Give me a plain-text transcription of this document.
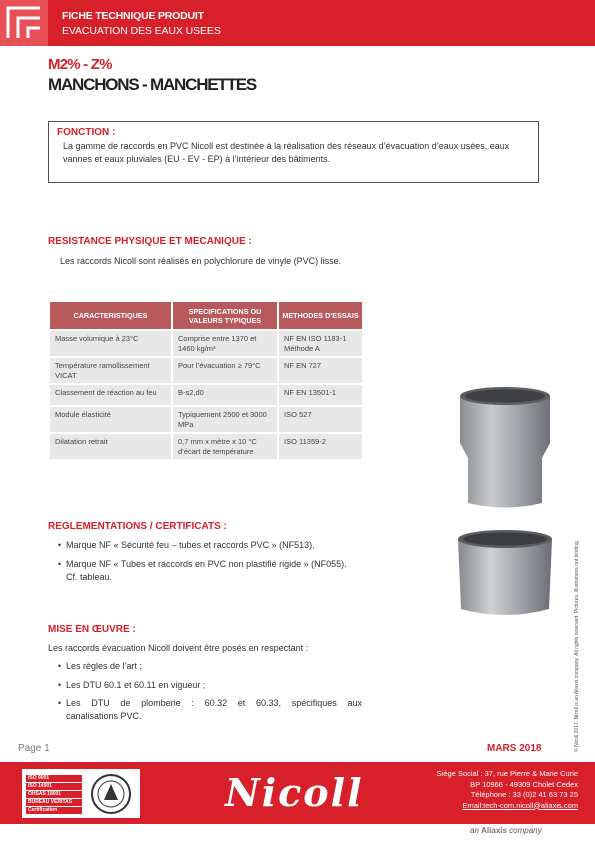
FICHE TECHNIQUE PRODUIT
EVACUATION DES EAUX USEES
M2% - Z%
MANCHONS - MANCHETTES
FONCTION :
La gamme de raccords en PVC Nicoll est destinée à la réalisation des réseaux d’évacuation d’eaux usées, eaux vannes et eaux pluviales (EU - EV - EP) à l’intérieur des bâtiments.
RESISTANCE PHYSIQUE ET MECANIQUE :
Les raccords Nicoll sont réalisés en polychlorure de vinyle (PVC) lisse.
CARACTERISTIQUES	SPECIFICATIONS OU VALEURS TYPIQUES	METHODES D’ESSAIS
Masse volumique à 23°C	Comprise entre 1370 et 1460 kg/m³	NF EN ISO 1183-1 Méthode A
Température ramollissement VICAT	Pour l’évacuation ≥ 79°C	NF EN 727
Classement de réaction au feu	B-s2,d0	NF EN 13501-1
Module élasticité	Typiquement 2500 et 3000 MPa	ISO 527
Dilatation retrait	0,7 mm x mètre x 10 °C d’écart de température	ISO 11359-2
REGLEMENTATIONS / CERTIFICATS :
• Marque NF « Sécurité feu – tubes et raccords PVC » (NF513).
• Marque NF « Tubes et raccords en PVC non plastifié rigide » (NF055).
Cf. tableau.
MISE EN ŒUVRE :
Les raccords évacuation Nicoll doivent être posés en respectant :
• Les règles de l’art ;
• Les DTU 60.1 et 60.11 en vigueur ;
• Les DTU de plomberie : 60.32 et 60.33, spécifiques aux
canalisations PVC.	© Nicoll 2017. Nicoll is an Aliaxis company. All rights reserved. Pictures, illustrations not binding.
Page 1	MARS 2018
ISO 9001
ISO 14001
OHSAS 18001
BUREAU VERITAS
Certification	Nicoll	Siège Social : 37, rue Pierre & Marie Curie
BP 10966 - 49309 Cholet Cedex
Téléphone : 33 (0)2 41 63 73 25
Email:tech-com.nicoll@aliaxis.com
an Aliaxis company
